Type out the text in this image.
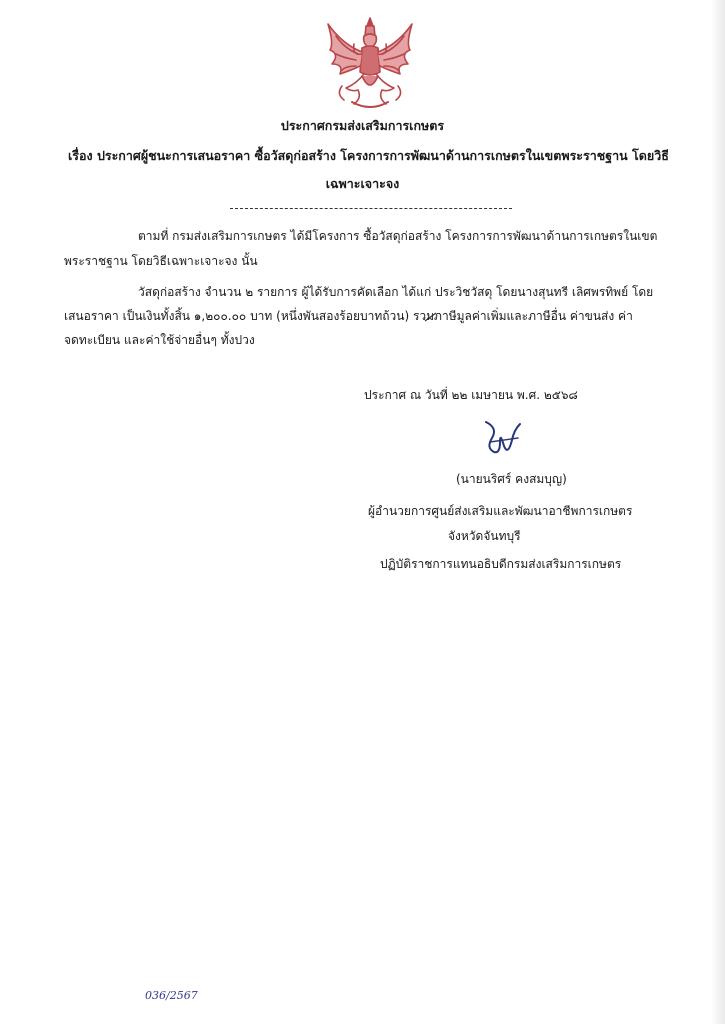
ประกาศกรมส่งเสริมการเกษตร
เรื่อง ประกาศผู้ชนะการเสนอราคา ซื้อวัสดุก่อสร้าง โครงการการพัฒนาด้านการเกษตรในเขตพระราชฐาน โดยวิธี
เฉพาะเจาะจง
ตามที่ กรมส่งเสริมการเกษตร ได้มีโครงการ ซื้อวัสดุก่อสร้าง โครงการการพัฒนาด้านการเกษตรในเขต
พระราชฐาน โดยวิธีเฉพาะเจาะจง นั้น
วัสดุก่อสร้าง จำนวน ๒ รายการ ผู้ได้รับการคัดเลือก ได้แก่ ประวิชวัสดุ โดยนางสุนทรี เลิศพรทิพย์ โดย
เสนอราคา เป็นเงินทั้งสิ้น ๑,๒๐๐.๐๐ บาท (หนึ่งพันสองร้อยบาทถ้วน) รวมภาษีมูลค่าเพิ่มและภาษีอื่น ค่าขนส่ง ค่า
จดทะเบียน และค่าใช้จ่ายอื่นๆ ทั้งปวง
ประกาศ ณ วันที่ ๒๒ เมษายน พ.ศ. ๒๕๖๘
(นายนริศร์ คงสมบุญ)
ผู้อำนวยการศูนย์ส่งเสริมและพัฒนาอาชีพการเกษตร
จังหวัดจันทบุรี
ปฏิบัติราชการแทนอธิบดีกรมส่งเสริมการเกษตร
036/2567
